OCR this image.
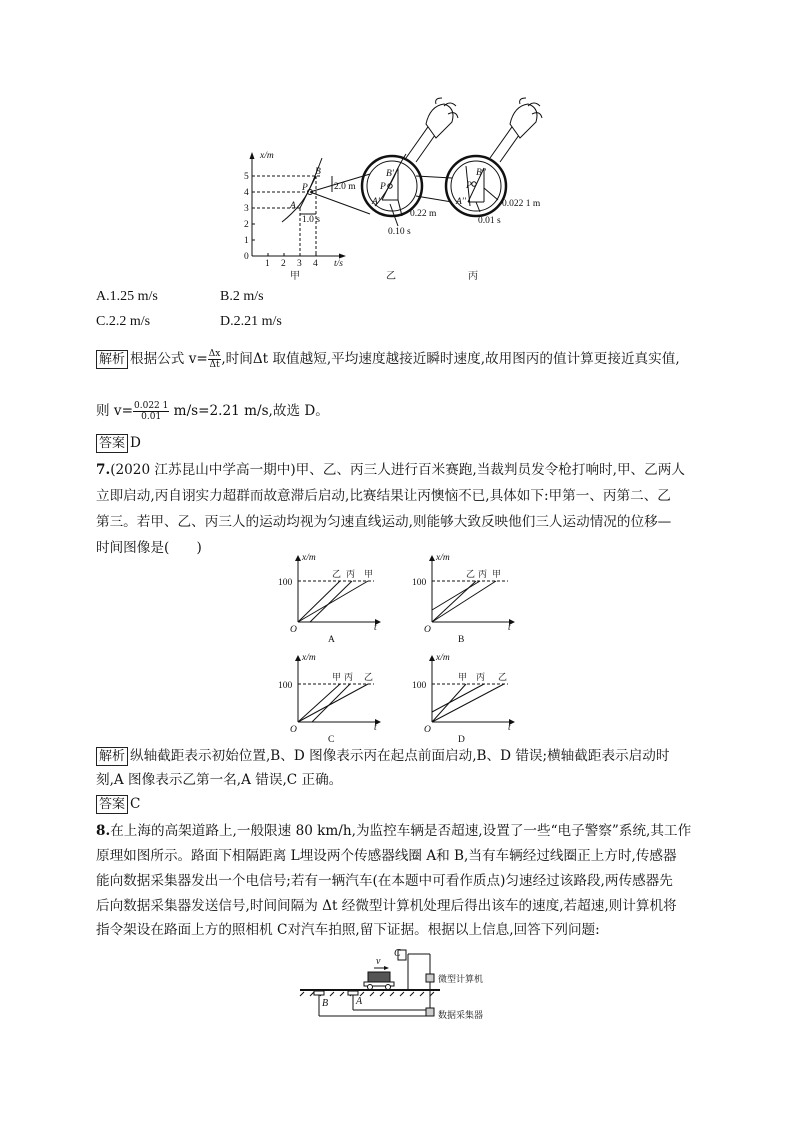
x/m
t/s
0
1
2
3
4
5
1 2 3 4
B
P
A
2.0 m
1.0 s
B'
P
A'
0.22 m
0.10 s
B''
P
A''	0.022 1 m
0.01 s
甲	乙	丙
A.1.25 m/s	B.2 m/s
C.2.2 m/s	D.2.21 m/s
解析 根据公式 $v= \frac{\Delta x}{\Delta t}$ ,时间Δt 取值越短,平均速度越接近瞬时速度,故用图丙的值计算更接近真实值,
则 $v= \frac{0.022 1}{0.01} m/s=2.21$ m/s,故选 D。
答案 D
7.(2020 江苏昆山中学高一期中)甲、乙、丙三人进行百米赛跑,当裁判员发令枪打响时,甲、乙两人
立即启动,丙自诩实力超群而故意滞后启动,比赛结果让丙懊恼不已,具体如下:甲第一、丙第二、乙
第三。若甲、乙、丙三人的运动均视为匀速直线运动,则能够大致反映他们三人运动情况的位移—
时间图像是(　　)
x/m
100
O	t
乙 丙 甲
A
x/m
100
O	t
乙 丙 甲
B
x/m
100
O	t
甲 丙 乙
C
x/m
100
O	t
甲 丙 乙
D
解析 纵轴截距表示初始位置,B、D 图像表示丙在起点前面启动,B、D 错误;横轴截距表示启动时
刻,A 图像表示乙第一名,A 错误,C 正确。
答案 C
8.在上海的高架道路上,一般限速 80 km/h,为监控车辆是否超速,设置了一些“电子警察”系统,其工作
原理如图所示。路面下相隔距离 L埋设两个传感器线圈 A和 B,当有车辆经过线圈正上方时,传感器
能向数据采集器发出一个电信号;若有一辆汽车(在本题中可看作质点)匀速经过该路段,两传感器先
后向数据采集器发送信号,时间间隔为 Δt 经微型计算机处理后得出该车的速度,若超速,则计算机将
指令架设在路面上方的照相机 C对汽车拍照,留下证据。根据以上信息,回答下列问题:
C
v
B	A
微型计算机
数据采集器
